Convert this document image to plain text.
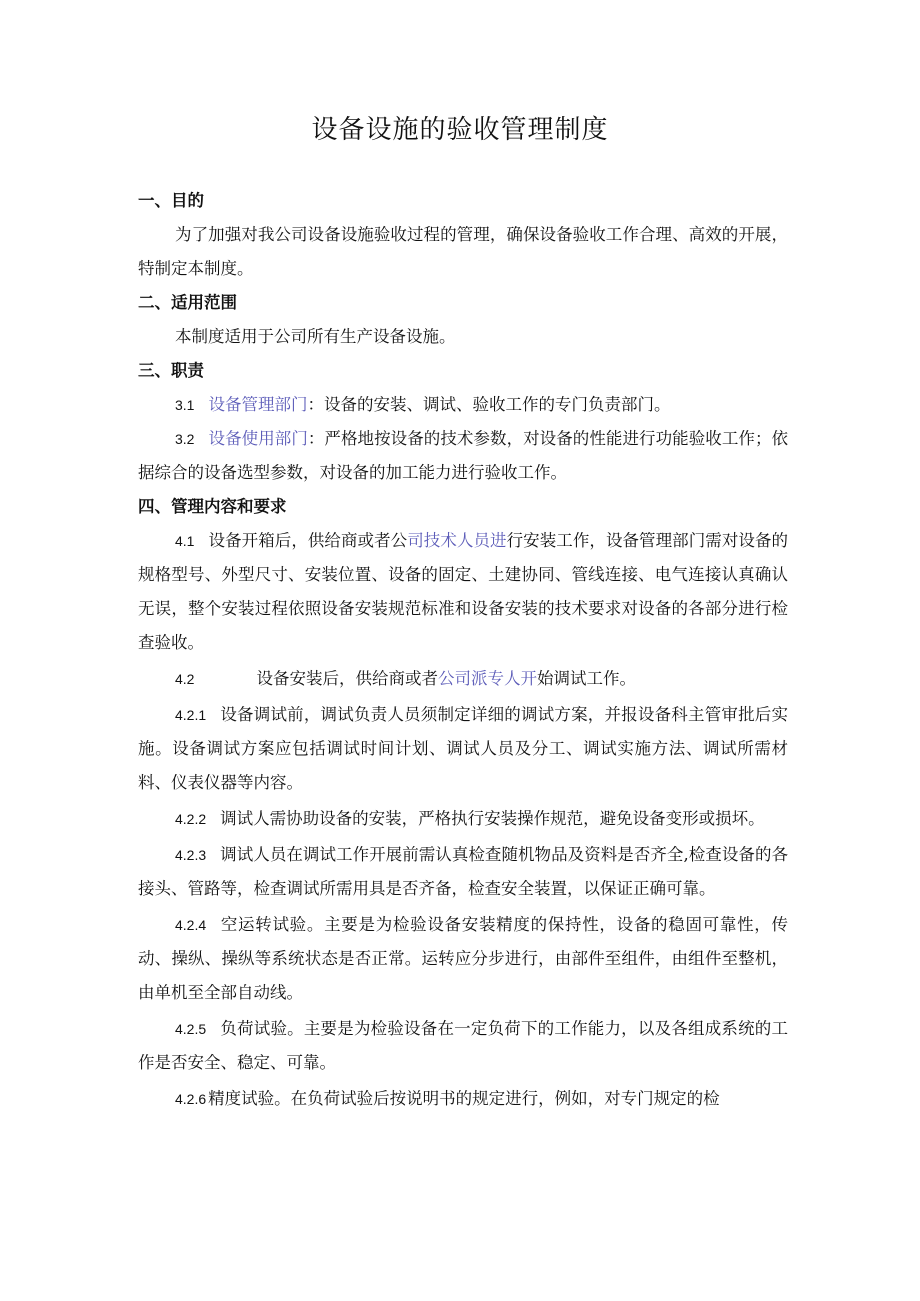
设备设施的验收管理制度
一、目的

为了加强对我公司设备设施验收过程的管理，确保设备验收工作合理、高效的开展，特制定本制度。

二、适用范围

本制度适用于公司所有生产设备设施。

三、职责

3.1 设备管理部门：设备的安装、调试、验收工作的专门负责部门。

3.2 设备使用部门：严格地按设备的技术参数，对设备的性能进行功能验收工作；依据综合的设备选型参数，对设备的加工能力进行验收工作。

四、管理内容和要求

4.1 设备开箱后，供给商或者公司技术人员进行安装工作，设备管理部门需对设备的规格型号、外型尺寸、安装位置、设备的固定、土建协同、管线连接、电气连接认真确认无误，整个安装过程依照设备安装规范标准和设备安装的技术要求对设备的各部分进行检查验收。

4.2	设备安装后，供给商或者公司派专人开始调试工作。

4.2.1 设备调试前，调试负责人员须制定详细的调试方案，并报设备科主管审批后实施。设备调试方案应包括调试时间计划、调试人员及分工、调试实施方法、调试所需材料、仪表仪器等内容。

4.2.2 调试人需协助设备的安装，严格执行安装操作规范，避免设备变形或损坏。

4.2.3 调试人员在调试工作开展前需认真检查随机物品及资料是否齐全,检查设备的各接头、管路等，检查调试所需用具是否齐备，检查安全装置，以保证正确可靠。

4.2.4 空运转试验。主要是为检验设备安装精度的保持性，设备的稳固可靠性，传动、操纵、操纵等系统状态是否正常。运转应分步进行，由部件至组件，由组件至整机，由单机至全部自动线。

4.2.5 负荷试验。主要是为检验设备在一定负荷下的工作能力，以及各组成系统的工作是否安全、稳定、可靠。

4.2.6 精度试验。在负荷试验后按说明书的规定进行，例如，对专门规定的检
